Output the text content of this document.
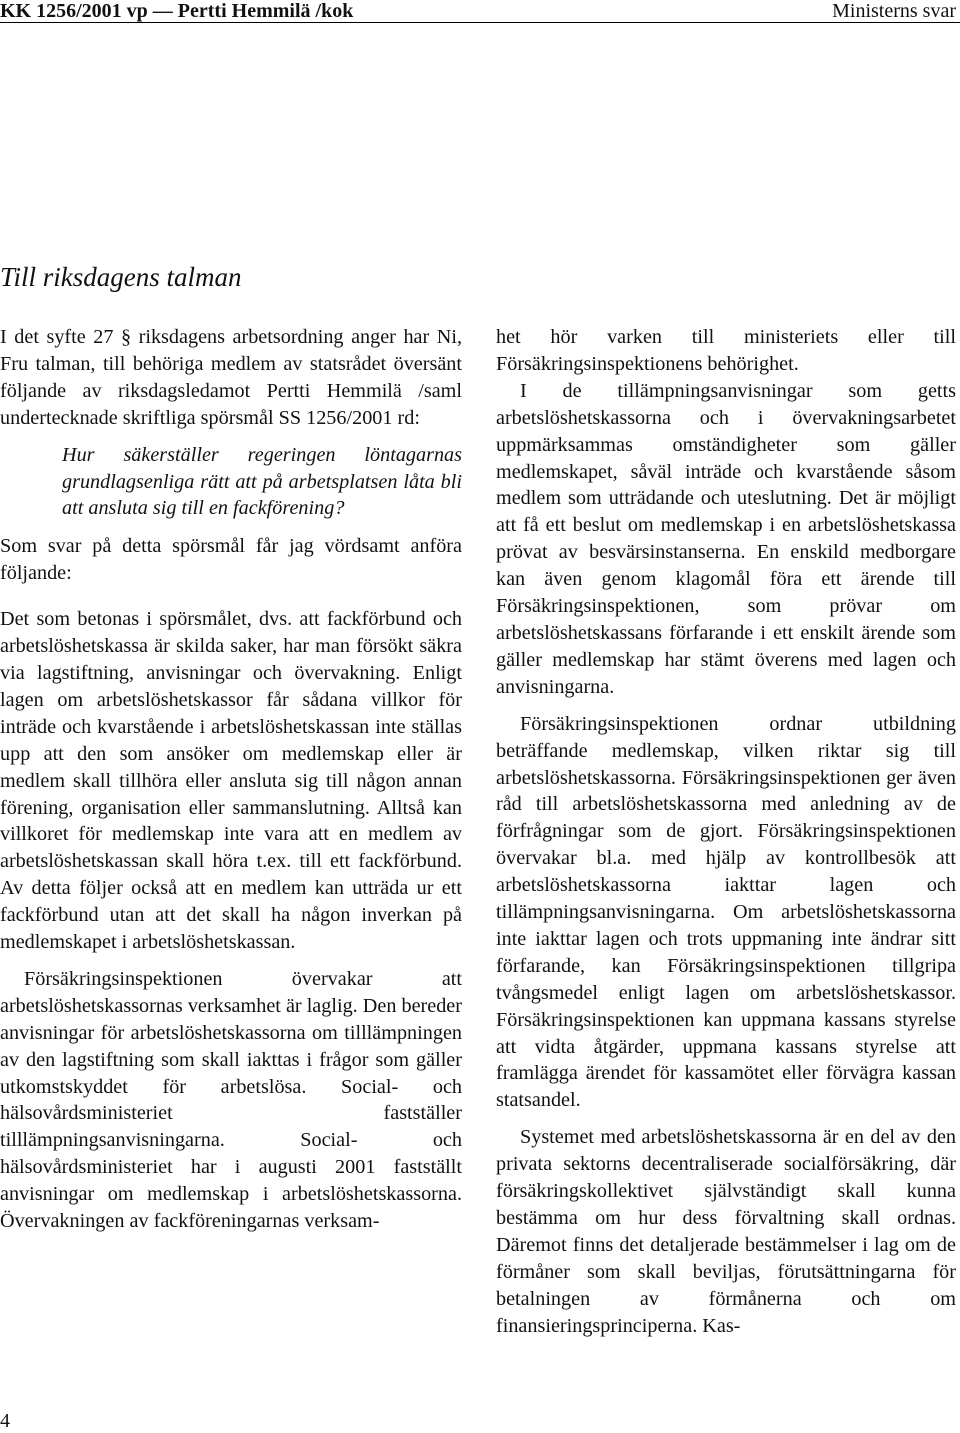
KK 1256/2001 vp — Pertti Hemmilä /kok	Ministerns svar
Till riksdagens talman

I det syfte 27 § riksdagens arbetsordning anger har Ni, Fru talman, till behöriga medlem av statsrådet översänt följande av riksdagsledamot Pertti Hemmilä /saml undertecknade skriftliga spörsmål SS 1256/2001 rd:

Hur säkerställer regeringen löntagarnas grundlagsenliga rätt att på arbetsplatsen låta bli att ansluta sig till en fackförening?

Som svar på detta spörsmål får jag vördsamt anföra följande:

Det som betonas i spörsmålet, dvs. att fackförbund och arbetslöshetskassa är skilda saker, har man försökt säkra via lagstiftning, anvisningar och övervakning. Enligt lagen om arbetslöshetskassor får sådana villkor för inträde och kvarstående i arbetslöshetskassan inte ställas upp att den som ansöker om medlemskap eller är medlem skall tillhöra eller ansluta sig till någon annan förening, organisation eller sammanslutning. Alltså kan villkoret för medlemskap inte vara att en medlem av arbetslöshetskassan skall höra t.ex. till ett fackförbund. Av detta följer också att en medlem kan utträda ur ett fackförbund utan att det skall ha någon inverkan på medlemskapet i arbetslöshetskassan.

Försäkringsinspektionen övervakar att arbetslöshetskassornas verksamhet är laglig. Den bereder anvisningar för arbetslöshetskassorna om tilllämpningen av den lagstiftning som skall iakttas i frågor som gäller utkomstskyddet för arbetslösa. Social- och hälsovårdsministeriet fastställer tilllämpningsanvisningarna. Social- och hälsovårdsministeriet har i augusti 2001 fastställt anvisningar om medlemskap i arbetslöshetskassorna. Övervakningen av fackföreningarnas verksam-

het hör varken till ministeriets eller till Försäkringsinspektionens behörighet.

I de tillämpningsanvisningar som getts arbetslöshetskassorna och i övervakningsarbetet uppmärksammas omständigheter som gäller medlemskapet, såväl inträde och kvarstående såsom medlem som utträdande och uteslutning. Det är möjligt att få ett beslut om medlemskap i en arbetslöshetskassa prövat av besvärsinstanserna. En enskild medborgare kan även genom klagomål föra ett ärende till Försäkringsinspektionen, som prövar om arbetslöshetskassans förfarande i ett enskilt ärende som gäller medlemskap har stämt överens med lagen och anvisningarna.

Försäkringsinspektionen ordnar utbildning beträffande medlemskap, vilken riktar sig till arbetslöshetskassorna. Försäkringsinspektionen ger även råd till arbetslöshetskassorna med anledning av de förfrågningar som de gjort. Försäkringsinspektionen övervakar bl.a. med hjälp av kontrollbesök att arbetslöshetskassorna iakttar lagen och tillämpningsanvisningarna. Om arbetslöshetskassorna inte iakttar lagen och trots uppmaning inte ändrar sitt förfarande, kan Försäkringsinspektionen tillgripa tvångsmedel enligt lagen om arbetslöshetskassor. Försäkringsinspektionen kan uppmana kassans styrelse att vidta åtgärder, uppmana kassans styrelse att framlägga ärendet för kassamötet eller förvägra kassan statsandel.

Systemet med arbetslöshetskassorna är en del av den privata sektorns decentraliserade socialförsäkring, där försäkringskollektivet självständigt skall kunna bestämma om hur dess förvaltning skall ordnas. Däremot finns det detaljerade bestämmelser i lag om de förmåner som skall beviljas, förutsättningarna för betalningen av förmånerna och om finansieringsprinciperna. Kas-

4
